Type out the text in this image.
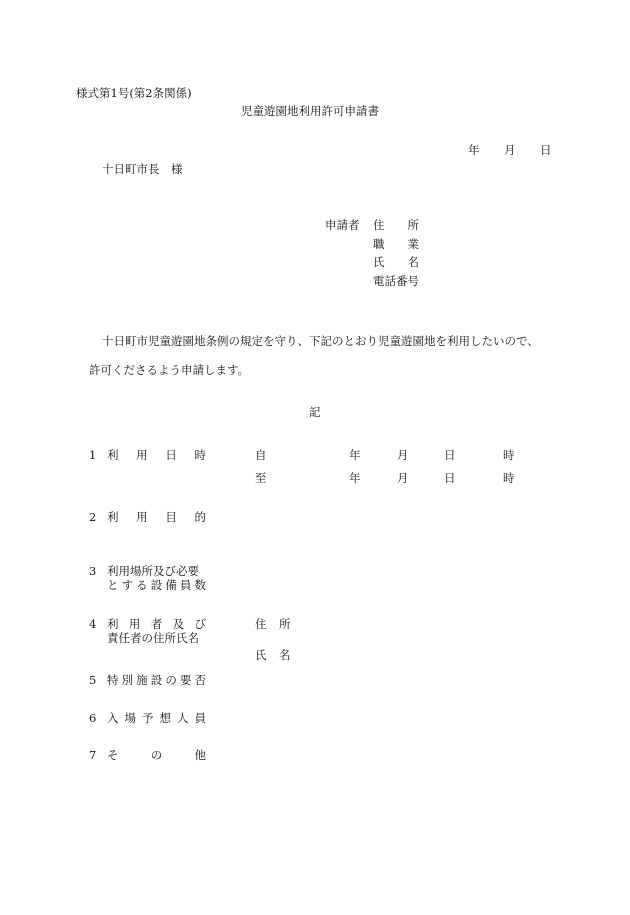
様式第1号(第2条関係)
児童遊園地利用許可申請書
年 月 日
十日町市長　様
申請者 住　　所
職　　業
氏　　名
電話番号
十日町市児童遊園地条例の規定を守り、下記のとおり児童遊園地を利用したいので、
許可くださるよう申請します。
記
1 利 用 日 時	自	年	月	日	時
至	年	月	日	時
2 利 用 目 的
3 利用場所及び必要
と す る 設 備 員 数
4 利 用 者 及 び
責任者の住所氏名
住 所
氏 名
5 特 別 施 設 の 要 否
6 入 場 予 想 人 員
7 そ	の	他
